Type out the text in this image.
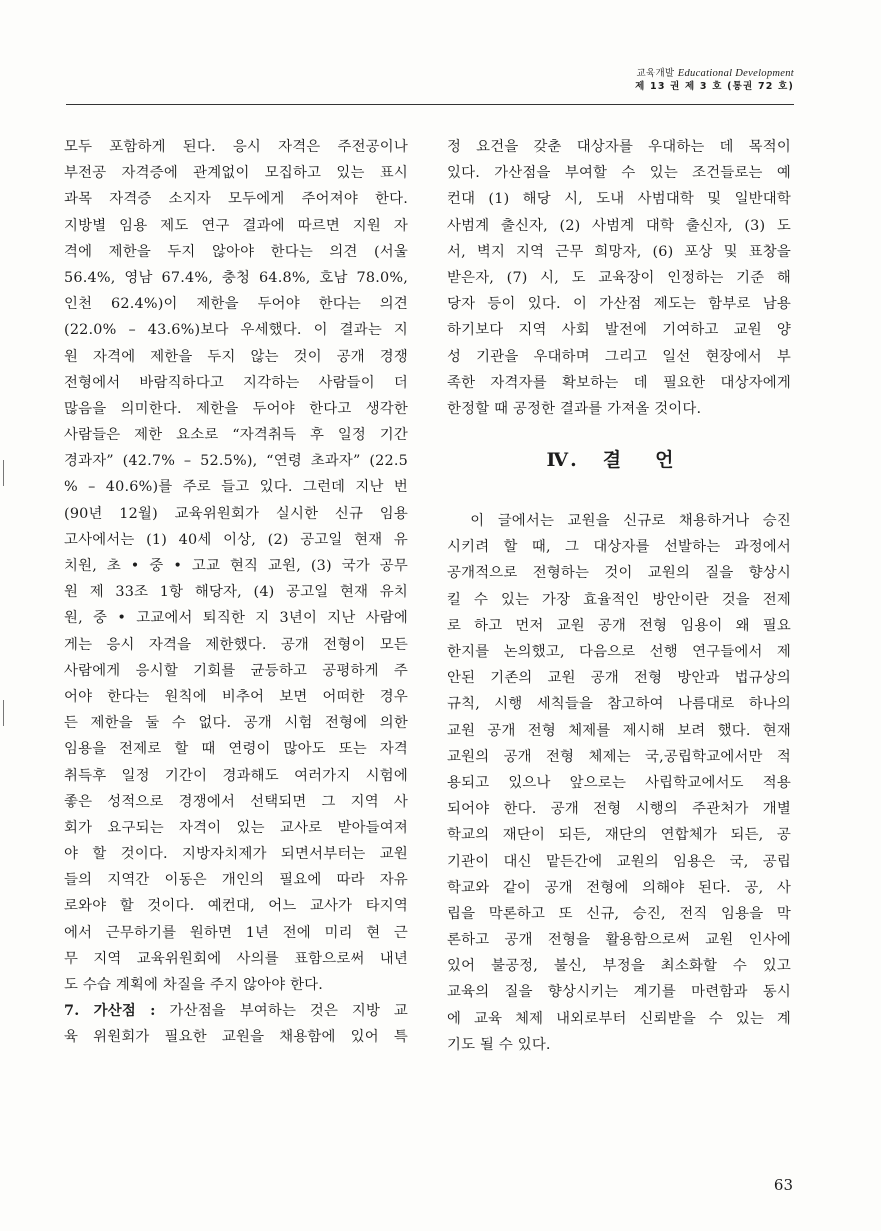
교육개발 Educational Development
제 13 권 제 3 호 (통권 72 호)
모두 포함하게 된다. 응시 자격은 주전공이나
부전공 자격증에 관계없이 모집하고 있는 표시
과목 자격증 소지자 모두에게 주어져야 한다.
지방별 임용 제도 연구 결과에 따르면 지원 자
격에 제한을 두지 않아야 한다는 의견 (서울
56.4%, 영남 67.4%, 충청 64.8%, 호남 78.0%,
인천 62.4%)이 제한을 두어야 한다는 의견
(22.0% – 43.6%)보다 우세했다. 이 결과는 지
원 자격에 제한을 두지 않는 것이 공개 경쟁
전형에서 바람직하다고 지각하는 사람들이 더
많음을 의미한다. 제한을 두어야 한다고 생각한
사람들은 제한 요소로 “자격취득 후 일정 기간
경과자” (42.7% – 52.5%), “연령 초과자” (22.5
% – 40.6%)를 주로 들고 있다. 그런데 지난 번
(90년 12월) 교육위원회가 실시한 신규 임용
고사에서는 (1) 40세 이상, (2) 공고일 현재 유
치원, 초 • 중 • 고교 현직 교원, (3) 국가 공무
원 제 33조 1항 해당자, (4) 공고일 현재 유치
원, 중 • 고교에서 퇴직한 지 3년이 지난 사람에
게는 응시 자격을 제한했다. 공개 전형이 모든
사람에게 응시할 기회를 균등하고 공평하게 주
어야 한다는 원칙에 비추어 보면 어떠한 경우
든 제한을 둘 수 없다. 공개 시험 전형에 의한
임용을 전제로 할 때 연령이 많아도 또는 자격
취득후 일정 기간이 경과해도 여러가지 시험에
좋은 성적으로 경쟁에서 선택되면 그 지역 사
회가 요구되는 자격이 있는 교사로 받아들여져
야 할 것이다. 지방자치제가 되면서부터는 교원
들의 지역간 이동은 개인의 필요에 따라 자유
로와야 할 것이다. 예컨대, 어느 교사가 타지역
에서 근무하기를 원하면 1년 전에 미리 현 근
무 지역 교육위원회에 사의를 표함으로써 내년
도 수습 계획에 차질을 주지 않아야 한다.
7. 가산점 : 가산점을 부여하는 것은 지방 교
육 위원회가 필요한 교원을 채용함에 있어 특
정 요건을 갖춘 대상자를 우대하는 데 목적이
있다. 가산점을 부여할 수 있는 조건들로는 예
컨대 (1) 해당 시, 도내 사범대학 및 일반대학
사범계 출신자, (2) 사범계 대학 출신자, (3) 도
서, 벽지 지역 근무 희망자, (6) 포상 및 표창을
받은자, (7) 시, 도 교육장이 인정하는 기준 해
당자 등이 있다. 이 가산점 제도는 함부로 남용
하기보다 지역 사회 발전에 기여하고 교원 양
성 기관을 우대하며 그리고 일선 현장에서 부
족한 자격자를 확보하는 데 필요한 대상자에게
한정할 때 공정한 결과를 가져올 것이다.
Ⅳ. 결 언
　이 글에서는 교원을 신규로 채용하거나 승진
시키려 할 때, 그 대상자를 선발하는 과정에서
공개적으로 전형하는 것이 교원의 질을 향상시
킬 수 있는 가장 효율적인 방안이란 것을 전제
로 하고 먼저 교원 공개 전형 임용이 왜 필요
한지를 논의했고, 다음으로 선행 연구들에서 제
안된 기존의 교원 공개 전형 방안과 법규상의
규칙, 시행 세칙들을 참고하여 나름대로 하나의
교원 공개 전형 체제를 제시해 보려 했다. 현재
교원의 공개 전형 체제는 국,공립학교에서만 적
용되고 있으나 앞으로는 사립학교에서도 적용
되어야 한다. 공개 전형 시행의 주관처가 개별
학교의 재단이 되든, 재단의 연합체가 되든, 공
기관이 대신 맡든간에 교원의 임용은 국, 공립
학교와 같이 공개 전형에 의해야 된다. 공, 사
립을 막론하고 또 신규, 승진, 전직 임용을 막
론하고 공개 전형을 활용함으로써 교원 인사에
있어 불공정, 불신, 부정을 최소화할 수 있고
교육의 질을 향상시키는 계기를 마련함과 동시
에 교육 체제 내외로부터 신뢰받을 수 있는 계
기도 될 수 있다.
63
